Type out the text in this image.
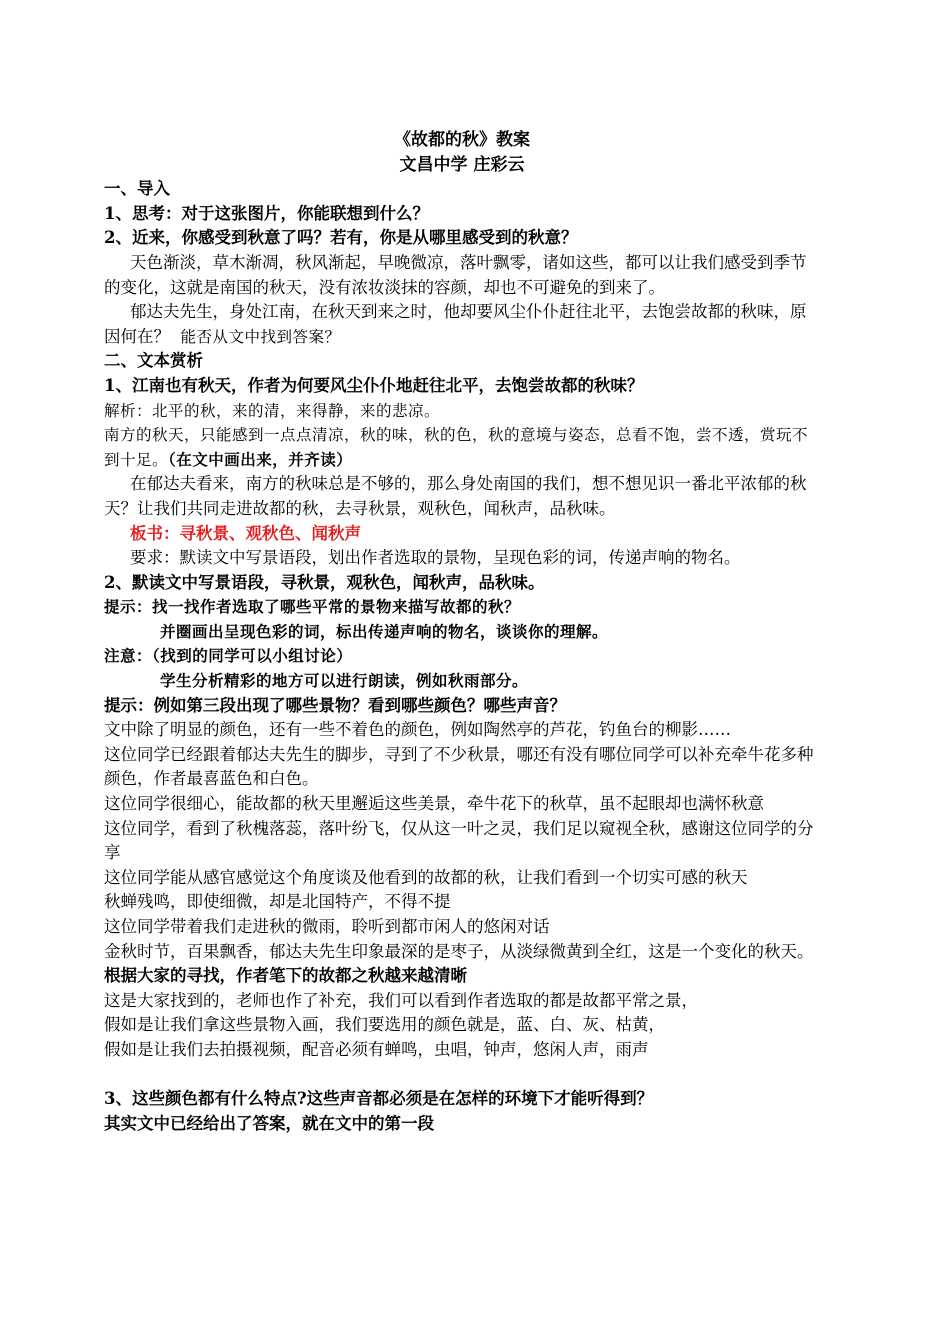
《故都的秋》教案

文昌中学 庄彩云

一、导入

1、思考：对于这张图片，你能联想到什么？

2、近来，你感受到秋意了吗？若有，你是从哪里感受到的秋意？

天色渐淡，草木渐凋，秋风渐起，早晚微凉，落叶飘零，诸如这些，都可以让我们感受到季节的变化，这就是南国的秋天，没有浓妆淡抹的容颜，却也不可避免的到来了。

郁达夫先生，身处江南，在秋天到来之时，他却要风尘仆仆赶往北平，去饱尝故都的秋味，原因何在？ 能否从文中找到答案？

二、文本赏析

1、江南也有秋天，作者为何要风尘仆仆地赶往北平，去饱尝故都的秋味？

解析：北平的秋，来的清，来得静，来的悲凉。

南方的秋天，只能感到一点点清凉，秋的味，秋的色，秋的意境与姿态，总看不饱，尝不透，赏玩不到十足。（在文中画出来，并齐读）

在郁达夫看来，南方的秋味总是不够的，那么身处南国的我们，想不想见识一番北平浓郁的秋天？让我们共同走进故都的秋，去寻秋景，观秋色，闻秋声，品秋味。

板书：寻秋景、观秋色、闻秋声

要求：默读文中写景语段，划出作者选取的景物，呈现色彩的词，传递声响的物名。

2、默读文中写景语段，寻秋景，观秋色，闻秋声，品秋味。

提示：找一找作者选取了哪些平常的景物来描写故都的秋？

并圈画出呈现色彩的词，标出传递声响的物名，谈谈你的理解。

注意：（找到的同学可以小组讨论）

学生分析精彩的地方可以进行朗读，例如秋雨部分。

提示：例如第三段出现了哪些景物？看到哪些颜色？哪些声音？

文中除了明显的颜色，还有一些不着色的颜色，例如陶然亭的芦花，钓鱼台的柳影……

这位同学已经跟着郁达夫先生的脚步，寻到了不少秋景，哪还有没有哪位同学可以补充牵牛花多种颜色，作者最喜蓝色和白色。

这位同学很细心，能故都的秋天里邂逅这些美景，牵牛花下的秋草，虽不起眼却也满怀秋意

这位同学，看到了秋槐落蕊，落叶纷飞，仅从这一叶之灵，我们足以窥视全秋，感谢这位同学的分享

这位同学能从感官感觉这个角度谈及他看到的故都的秋，让我们看到一个切实可感的秋天

秋蝉残鸣，即使细微，却是北国特产，不得不提

这位同学带着我们走进秋的微雨，聆听到都市闲人的悠闲对话

金秋时节，百果飘香，郁达夫先生印象最深的是枣子，从淡绿微黄到全红，这是一个变化的秋天。

根据大家的寻找，作者笔下的故都之秋越来越清晰

这是大家找到的，老师也作了补充，我们可以看到作者选取的都是故都平常之景，

假如是让我们拿这些景物入画，我们要选用的颜色就是，蓝、白、灰、枯黄，

假如是让我们去拍摄视频，配音必须有蝉鸣，虫唱，钟声，悠闲人声，雨声

3、这些颜色都有什么特点?这些声音都必须是在怎样的环境下才能听得到？

其实文中已经给出了答案，就在文中的第一段
